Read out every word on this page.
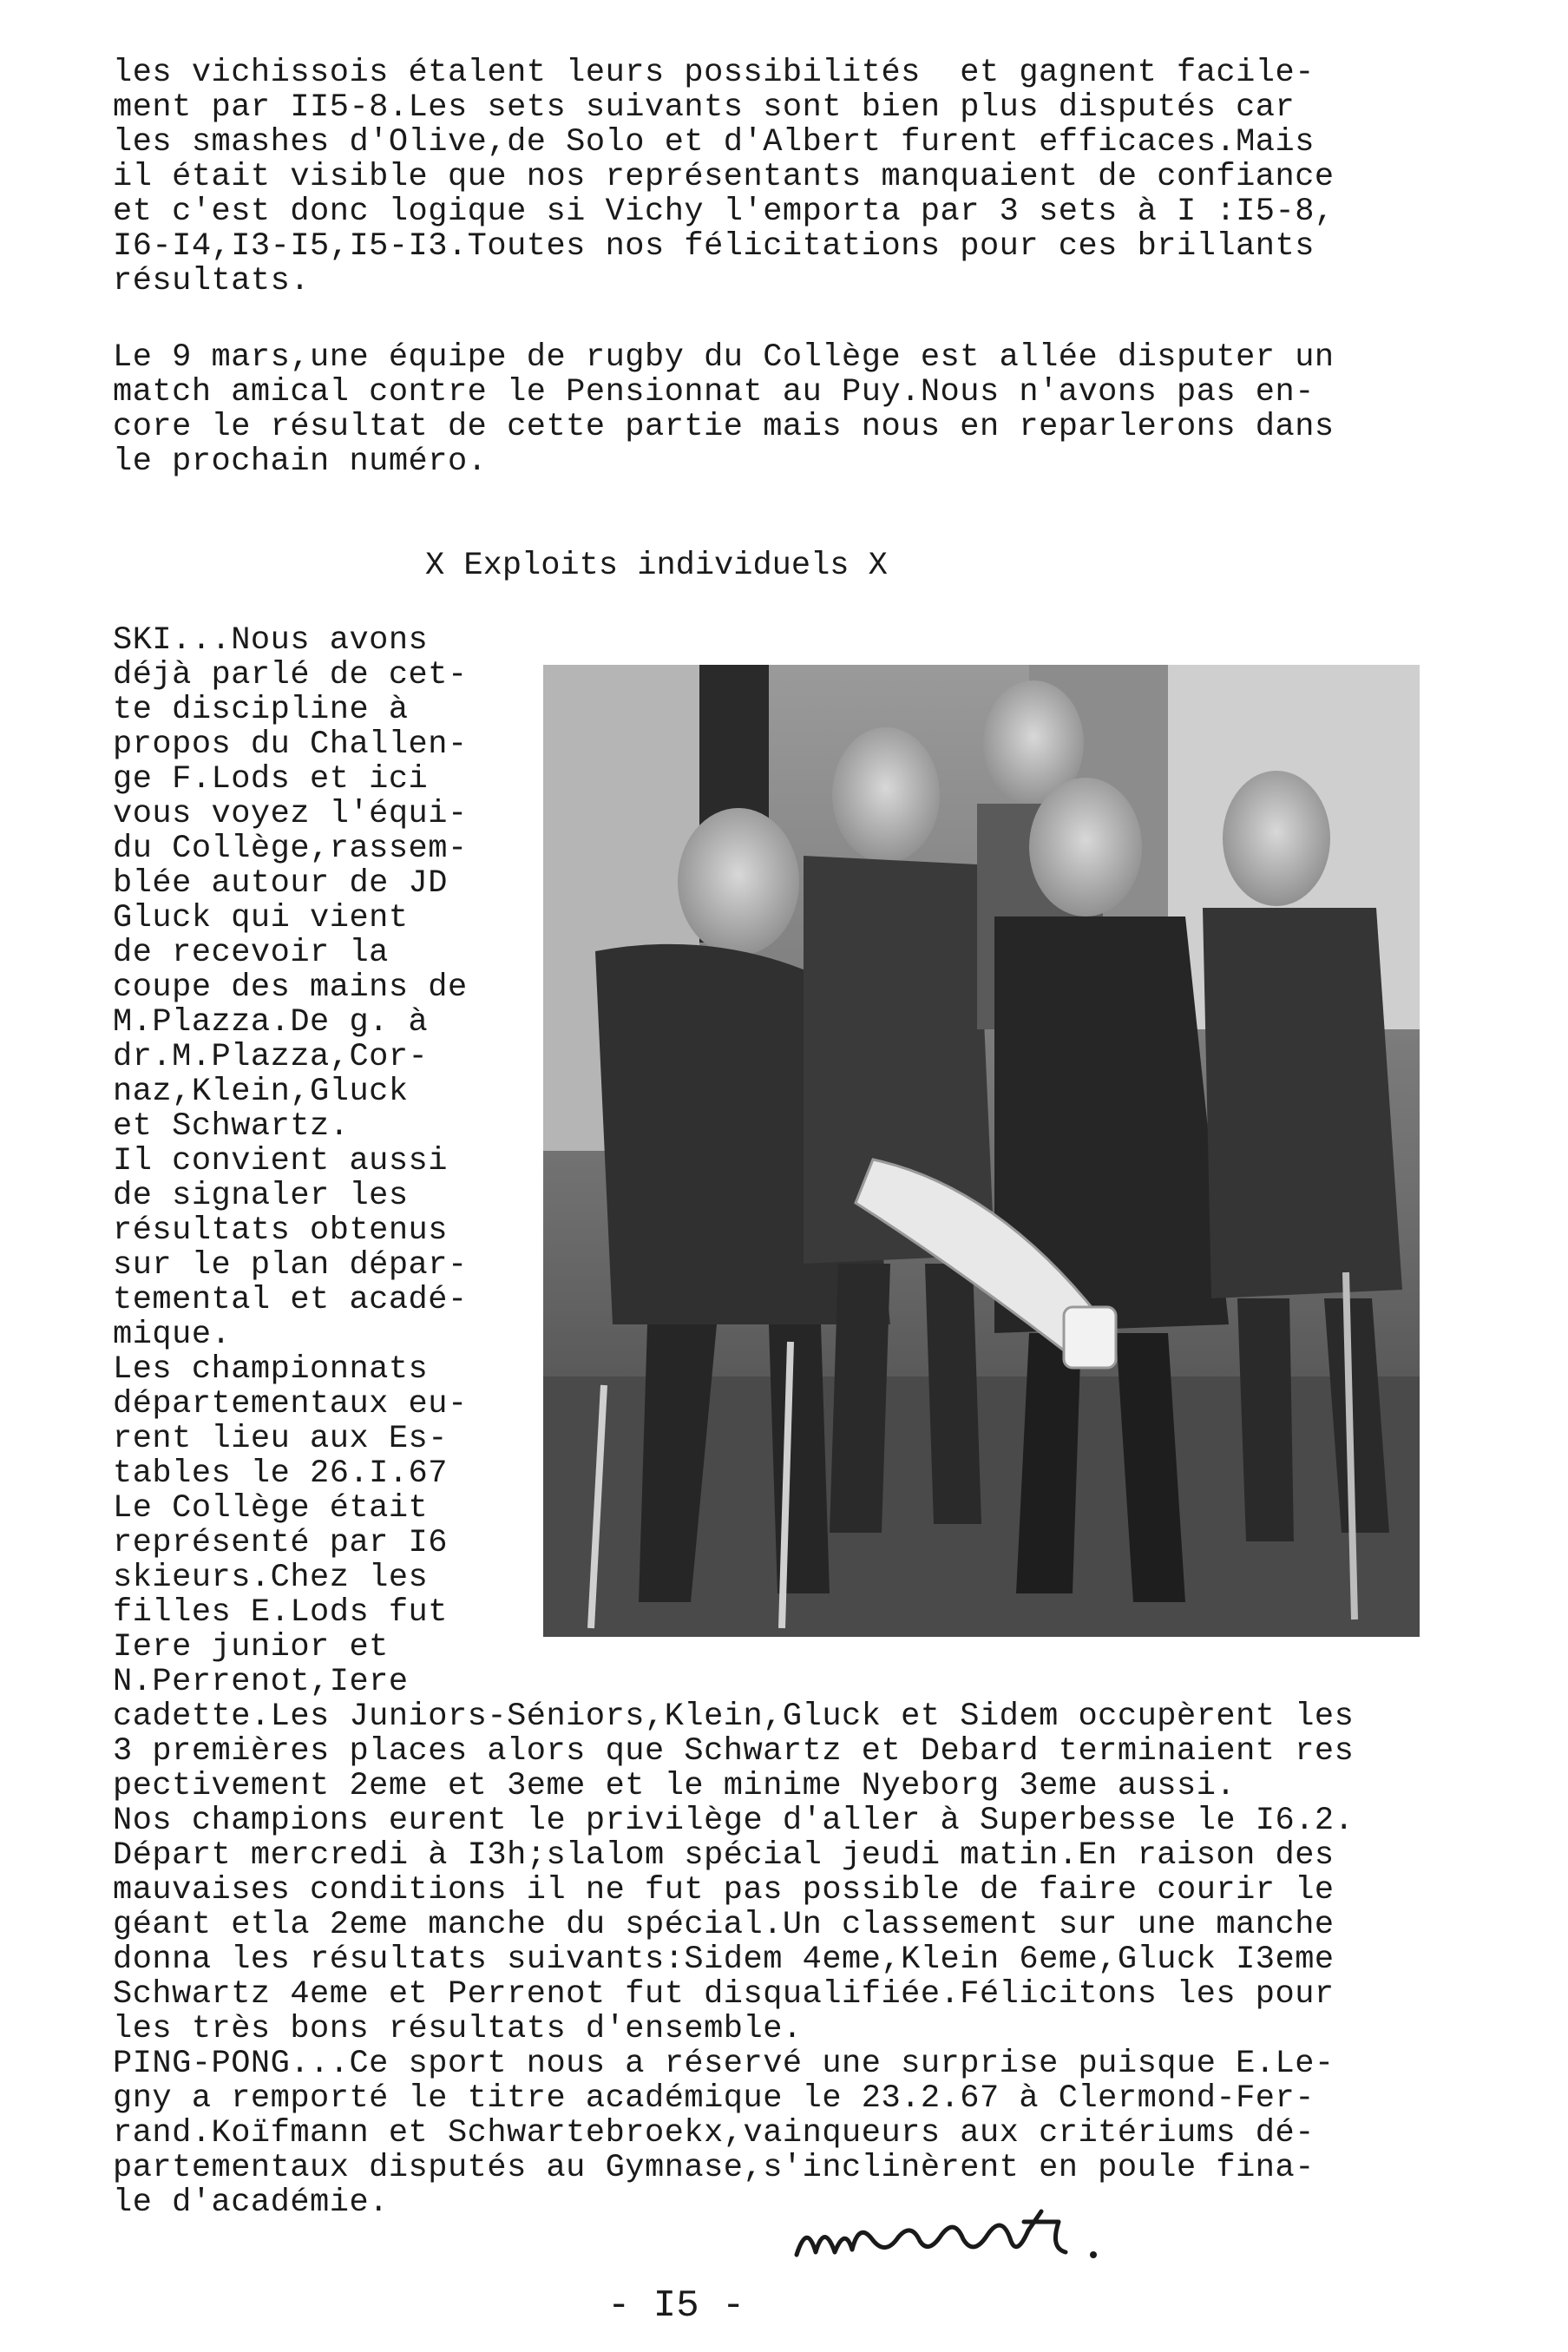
les vichissois étalent leurs possibilités  et gagnent facile-
ment par II5-8.Les sets suivants sont bien plus disputés car
les smashes d'Olive,de Solo et d'Albert furent efficaces.Mais
il était visible que nos représentants manquaient de confiance
et c'est donc logique si Vichy l'emporta par 3 sets à I :I5-8,
I6-I4,I3-I5,I5-I3.Toutes nos félicitations pour ces brillants
résultats.
Le 9 mars,une équipe de rugby du Collège est allée disputer un
match amical contre le Pensionnat au Puy.Nous n'avons pas en-
core le résultat de cette partie mais nous en reparlerons dans
le prochain numéro.
X Exploits individuels X
SKI...Nous avons
déjà parlé de cet-
te discipline à
propos du Challen-
ge F.Lods et ici
vous voyez l'équi-
du Collège,rassem-
blée autour de JD
Gluck qui vient
de recevoir la
coupe des mains de
M.Plazza.De g. à
dr.M.Plazza,Cor-
naz,Klein,Gluck
et Schwartz.
Il convient aussi
de signaler les
résultats obtenus
sur le plan dépar-
temental et acadé-
mique.
Les championnats
départementaux eu-
rent lieu aux Es-
tables le 26.I.67
Le Collège était
représenté par I6
skieurs.Chez les
filles E.Lods fut
Iere junior et
N.Perrenot,Iere
cadette.Les Juniors-Séniors,Klein,Gluck et Sidem occupèrent les
3 premières places alors que Schwartz et Debard terminaient res
pectivement 2eme et 3eme et le minime Nyeborg 3eme aussi.
Nos champions eurent le privilège d'aller à Superbesse le I6.2.
Départ mercredi à I3h;slalom spécial jeudi matin.En raison des
mauvaises conditions il ne fut pas possible de faire courir le
géant etla 2eme manche du spécial.Un classement sur une manche
donna les résultats suivants:Sidem 4eme,Klein 6eme,Gluck I3eme
Schwartz 4eme et Perrenot fut disqualifiée.Félicitons les pour
les très bons résultats d'ensemble.
PING-PONG...Ce sport nous a réservé une surprise puisque E.Le-
gny a remporté le titre académique le 23.2.67 à Clermond-Fer-
rand.Koïfmann et Schwartebroekx,vainqueurs aux critériums dé-
partementaux disputés au Gymnase,s'inclinèrent en poule fina-
le d'académie.
- I5 -
